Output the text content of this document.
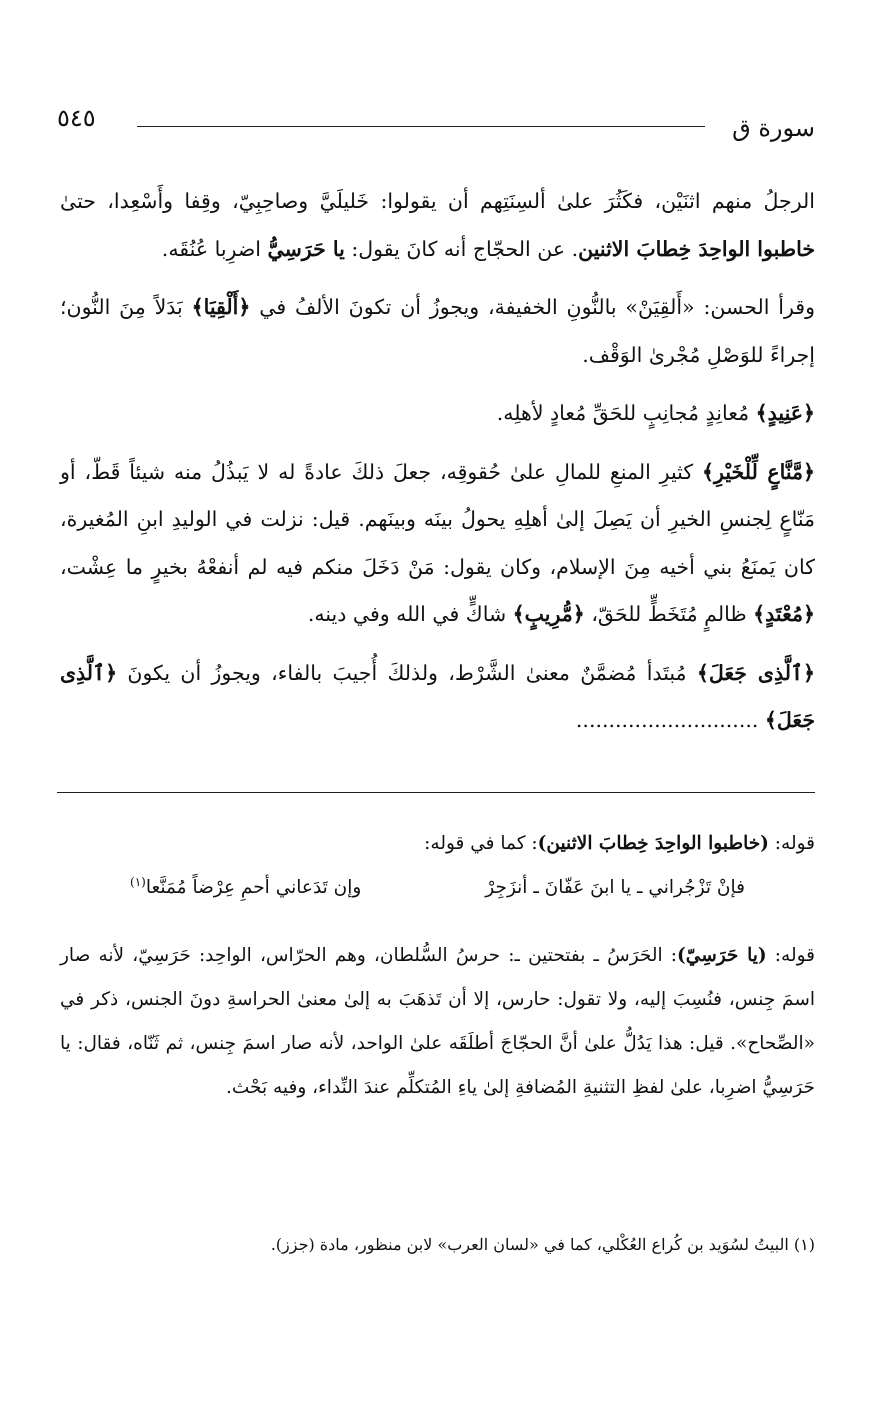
سورة ق
٥٤٥

الرجلُ منهم اثنَيْن، فكَثُرَ علىٰ ألسِنَتِهم أن يقولوا: خَليلَيَّ وصاحِبِيّ، وقِفا وأَسْعِدا، حتىٰ خاطبوا الواحِدَ خِطابَ الاثنين. عن الحجّاج أنه كانَ يقول: يا حَرَسِيُّ اضرِبا عُنُقَه.

وقرأ الحسن: «أَلقِيَنْ» بالنُّونِ الخفيفة، ويجوزُ أن تكونَ الألفُ في ﴿أَلْقِيَا﴾ بَدَلاً مِنَ النُّون؛ إجراءً للوَصْلِ مُجْرىٰ الوَقْف.

﴿عَنِيدٍ﴾ مُعانِدٍ مُجانِبٍ للحَقِّ مُعادٍ لأهلِه.

﴿مَّنَّاعٍ لِّلْخَيْرِ﴾ كثيرِ المنعِ للمالِ علىٰ حُقوقِه، جعلَ ذلكَ عادةً له لا يَبذُلُ منه شيئاً قَطّ، أو مَنّاعٍ لِجنسِ الخيرِ أن يَصِلَ إلىٰ أهلِهِ يحولُ بينَه وبينَهم. قيل: نزلت في الوليدِ ابنِ المُغيرة، كان يَمنَعُ بني أخيه مِنَ الإسلام، وكان يقول: مَنْ دَخَلَ منكم فيه لم أنفعْهُ بخيرٍ ما عِشْت، ﴿مُعْتَدٍ﴾ ظالمٍ مُتَخَطٍّ للحَقّ، ﴿مُّرِيبٍ﴾ شاكٍّ في الله وفي دينه.

﴿ٱلَّذِى جَعَلَ﴾ مُبتَدأ مُضمَّنٌ معنىٰ الشَّرْط، ولذلكَ أُجيبَ بالفاء، ويجوزُ أن يكونَ ﴿ٱلَّذِى جَعَلَ﴾ ............................

قوله: (خاطبوا الواحِدَ خِطابَ الاثنين): كما في قوله:

فإنْ تَزْجُراني ـ يا ابنَ عَفّانَ ـ أنزَجِرْ
وإن تَدَعاني أحمِ عِرْضاً مُمَنَّعا$^{(١)}$

قوله: (يا حَرَسِيّ): الحَرَسُ ـ بفتحتين ـ: حرسُ السُّلطان، وهم الحرّاس، الواحِد: حَرَسِيّ، لأنه صار اسمَ جِنس، فنُسِبَ إليه، ولا تقول: حارس، إلا أن تَذهَبَ به إلىٰ معنىٰ الحراسةِ دونَ الجنس، ذكر في «الصِّحاح». قيل: هذا يَدُلُّ علىٰ أنَّ الحجّاجَ أطلَقَه علىٰ الواحد، لأنه صار اسمَ جِنس، ثم ثَنّاه، فقال: يا حَرَسِيُّ اضرِبا، علىٰ لفظِ التثنيةِ المُضافةِ إلىٰ ياءِ المُتكلِّم عندَ النِّداء، وفيه بَحْث.

(١) البيتُ لسُوَيد بن كُراع العُكْلي، كما في «لسان العرب» لابن منظور، مادة (جزز).
